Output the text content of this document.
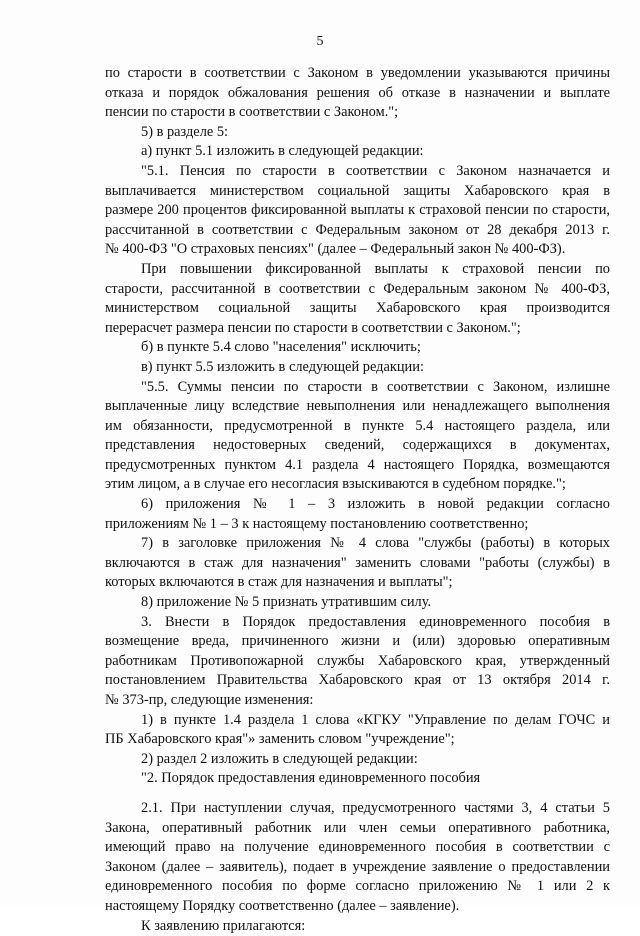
5
по старости в соответствии с Законом в уведомлении указываются причины
отказа и порядок обжалования решения об отказе в назначении и выплате
пенсии по старости в соответствии с Законом.";
5) в разделе 5:
а) пункт 5.1 изложить в следующей редакции:
"5.1. Пенсия по старости в соответствии с Законом назначается и
выплачивается министерством социальной защиты Хабаровского края в
размере 200 процентов фиксированной выплаты к страховой пенсии по старости,
рассчитанной в соответствии с Федеральным законом от 28 декабря 2013 г.
№ 400-ФЗ "О страховых пенсиях" (далее – Федеральный закон № 400-ФЗ).
При повышении фиксированной выплаты к страховой пенсии по
старости, рассчитанной в соответствии с Федеральным законом № 400-ФЗ,
министерством социальной защиты Хабаровского края производится
перерасчет размера пенсии по старости в соответствии с Законом.";
б) в пункте 5.4 слово "населения" исключить;
в) пункт 5.5 изложить в следующей редакции:
"5.5. Суммы пенсии по старости в соответствии с Законом, излишне
выплаченные лицу вследствие невыполнения или ненадлежащего выполнения
им обязанности, предусмотренной в пункте 5.4 настоящего раздела, или
представления недостоверных сведений, содержащихся в документах,
предусмотренных пунктом 4.1 раздела 4 настоящего Порядка, возмещаются
этим лицом, а в случае его несогласия взыскиваются в судебном порядке.";
6) приложения № 1 – 3 изложить в новой редакции согласно
приложениям № 1 – 3 к настоящему постановлению соответственно;
7) в заголовке приложения № 4 слова "службы (работы) в которых
включаются в стаж для назначения" заменить словами "работы (службы) в
которых включаются в стаж для назначения и выплаты";
8) приложение № 5 признать утратившим силу.
3. Внести в Порядок предоставления единовременного пособия в
возмещение вреда, причиненного жизни и (или) здоровью оперативным
работникам Противопожарной службы Хабаровского края, утвержденный
постановлением Правительства Хабаровского края от 13 октября 2014 г.
№ 373-пр, следующие изменения:
1) в пункте 1.4 раздела 1 слова «КГКУ "Управление по делам ГОЧС и
ПБ Хабаровского края"» заменить словом "учреждение";
2) раздел 2 изложить в следующей редакции:
"2. Порядок предоставления единовременного пособия
2.1. При наступлении случая, предусмотренного частями 3, 4 статьи 5
Закона, оперативный работник или член семьи оперативного работника,
имеющий право на получение единовременного пособия в соответствии с
Законом (далее – заявитель), подает в учреждение заявление о предоставлении
единовременного пособия по форме согласно приложению № 1 или 2 к
настоящему Порядку соответственно (далее – заявление).
К заявлению прилагаются:
